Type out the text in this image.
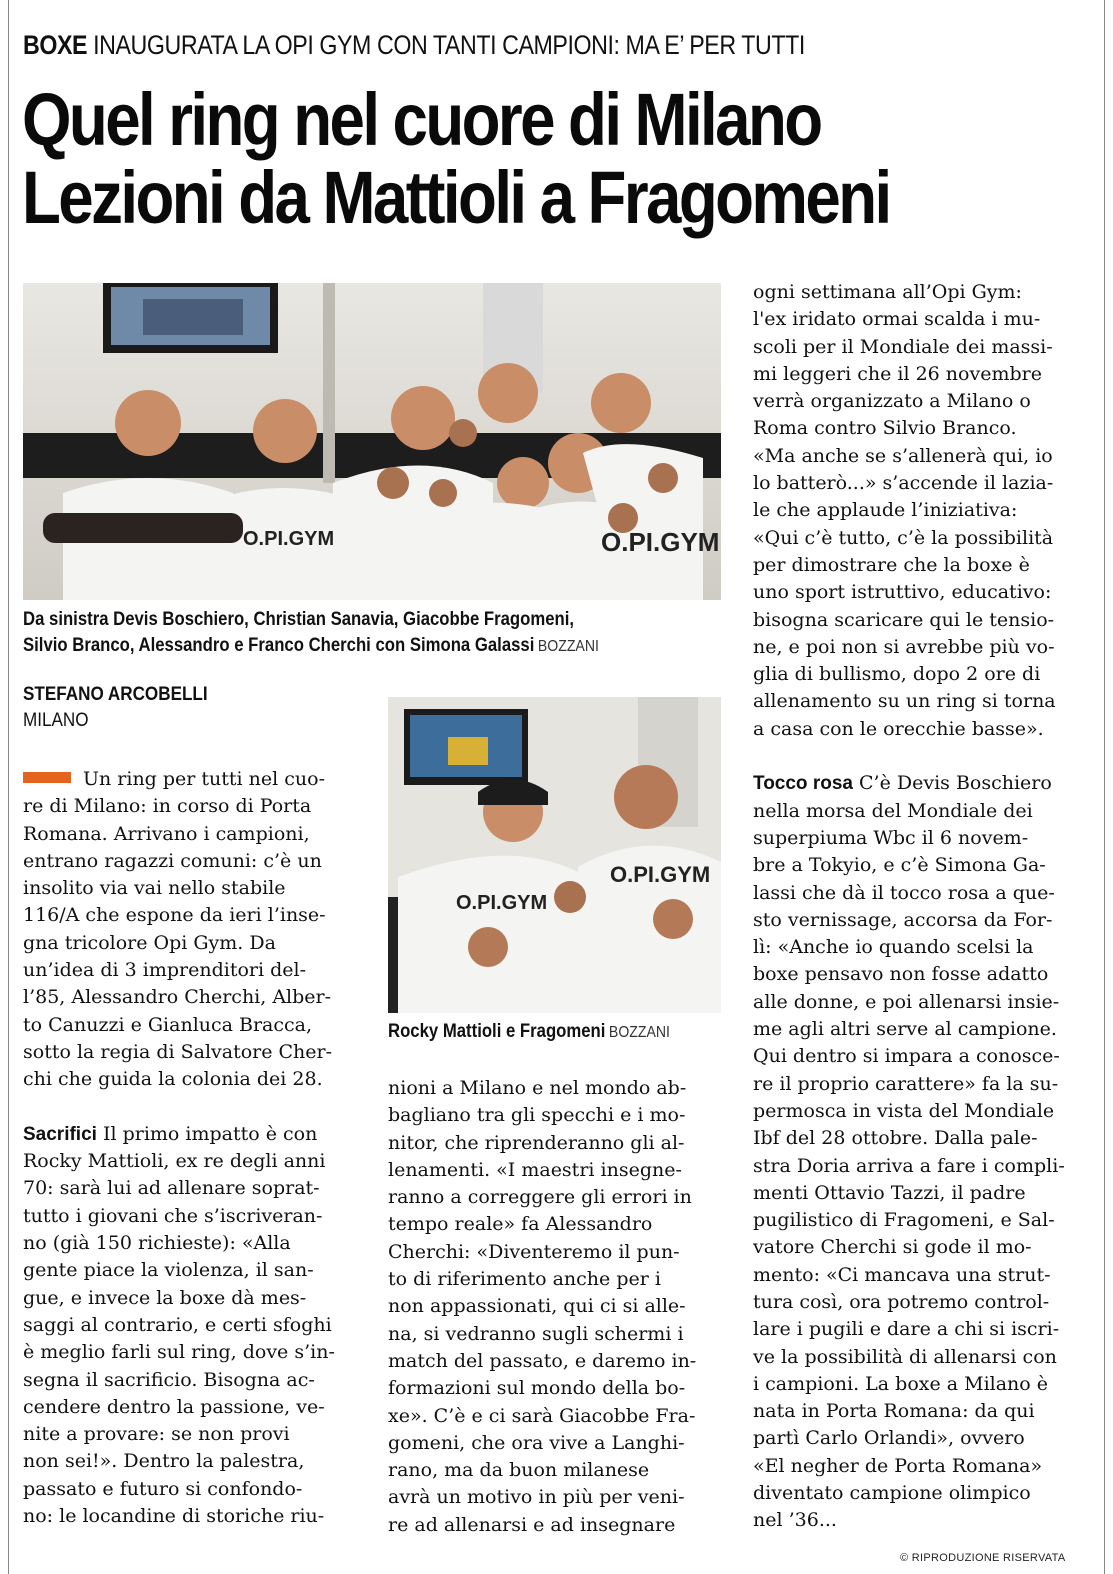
BOXE INAUGURATA LA OPI GYM CON TANTI CAMPIONI: MA E’ PER TUTTI
Quel ring nel cuore di Milano
Lezioni da Mattioli a Fragomeni
O.PI.GYM
O.PI.GYM
Da sinistra Devis Boschiero, Christian Sanavia, Giacobbe Fragomeni,
Silvio Branco, Alessandro e Franco Cherchi con Simona Galassi BOZZANI
STEFANO ARCOBELLI
MILANO
O.PI.GYM
O.PI.GYM
Rocky Mattioli e Fragomeni BOZZANI
Un ring per tutti nel cuo-
re di Milano: in corso di Porta
Romana. Arrivano i campioni,
entrano ragazzi comuni: c’è un
insolito via vai nello stabile
116/A che espone da ieri l’inse-
gna tricolore Opi Gym. Da
un’idea di 3 imprenditori del-
l’85, Alessandro Cherchi, Alber-
to Canuzzi e Gianluca Bracca,
sotto la regia di Salvatore Cher-
chi che guida la colonia dei 28.
Sacrifici Il primo impatto è con
Rocky Mattioli, ex re degli anni
70: sarà lui ad allenare soprat-
tutto i giovani che s’iscriveran-
no (già 150 richieste): «Alla
gente piace la violenza, il san-
gue, e invece la boxe dà mes-
saggi al contrario, e certi sfoghi
è meglio farli sul ring, dove s’in-
segna il sacrificio. Bisogna ac-
cendere dentro la passione, ve-
nite a provare: se non provi
non sei!». Dentro la palestra,
passato e futuro si confondo-
no: le locandine di storiche riu-
nioni a Milano e nel mondo ab-
bagliano tra gli specchi e i mo-
nitor, che riprenderanno gli al-
lenamenti. «I maestri insegne-
ranno a correggere gli errori in
tempo reale» fa Alessandro
Cherchi: «Diventeremo il pun-
to di riferimento anche per i
non appassionati, qui ci si alle-
na, si vedranno sugli schermi i
match del passato, e daremo in-
formazioni sul mondo della bo-
xe». C’è e ci sarà Giacobbe Fra-
gomeni, che ora vive a Langhi-
rano, ma da buon milanese
avrà un motivo in più per veni-
re ad allenarsi e ad insegnare
ogni settimana all’Opi Gym:
l'ex iridato ormai scalda i mu-
scoli per il Mondiale dei massi-
mi leggeri che il 26 novembre
verrà organizzato a Milano o
Roma contro Silvio Branco.
«Ma anche se s’allenerà qui, io
lo batterò...» s’accende il lazia-
le che applaude l’iniziativa:
«Qui c’è tutto, c’è la possibilità
per dimostrare che la boxe è
uno sport istruttivo, educativo:
bisogna scaricare qui le tensio-
ne, e poi non si avrebbe più vo-
glia di bullismo, dopo 2 ore di
allenamento su un ring si torna
a casa con le orecchie basse».
Tocco rosa C’è Devis Boschiero
nella morsa del Mondiale dei
superpiuma Wbc il 6 novem-
bre a Tokyio, e c’è Simona Ga-
lassi che dà il tocco rosa a que-
sto vernissage, accorsa da For-
lì: «Anche io quando scelsi la
boxe pensavo non fosse adatto
alle donne, e poi allenarsi insie-
me agli altri serve al campione.
Qui dentro si impara a conosce-
re il proprio carattere» fa la su-
permosca in vista del Mondiale
Ibf del 28 ottobre. Dalla pale-
stra Doria arriva a fare i compli-
menti Ottavio Tazzi, il padre
pugilistico di Fragomeni, e Sal-
vatore Cherchi si gode il mo-
mento: «Ci mancava una strut-
tura così, ora potremo control-
lare i pugili e dare a chi si iscri-
ve la possibilità di allenarsi con
i campioni. La boxe a Milano è
nata in Porta Romana: da qui
partì Carlo Orlandi», ovvero
«El negher de Porta Romana»
diventato campione olimpico
nel ’36...
© RIPRODUZIONE RISERVATA
